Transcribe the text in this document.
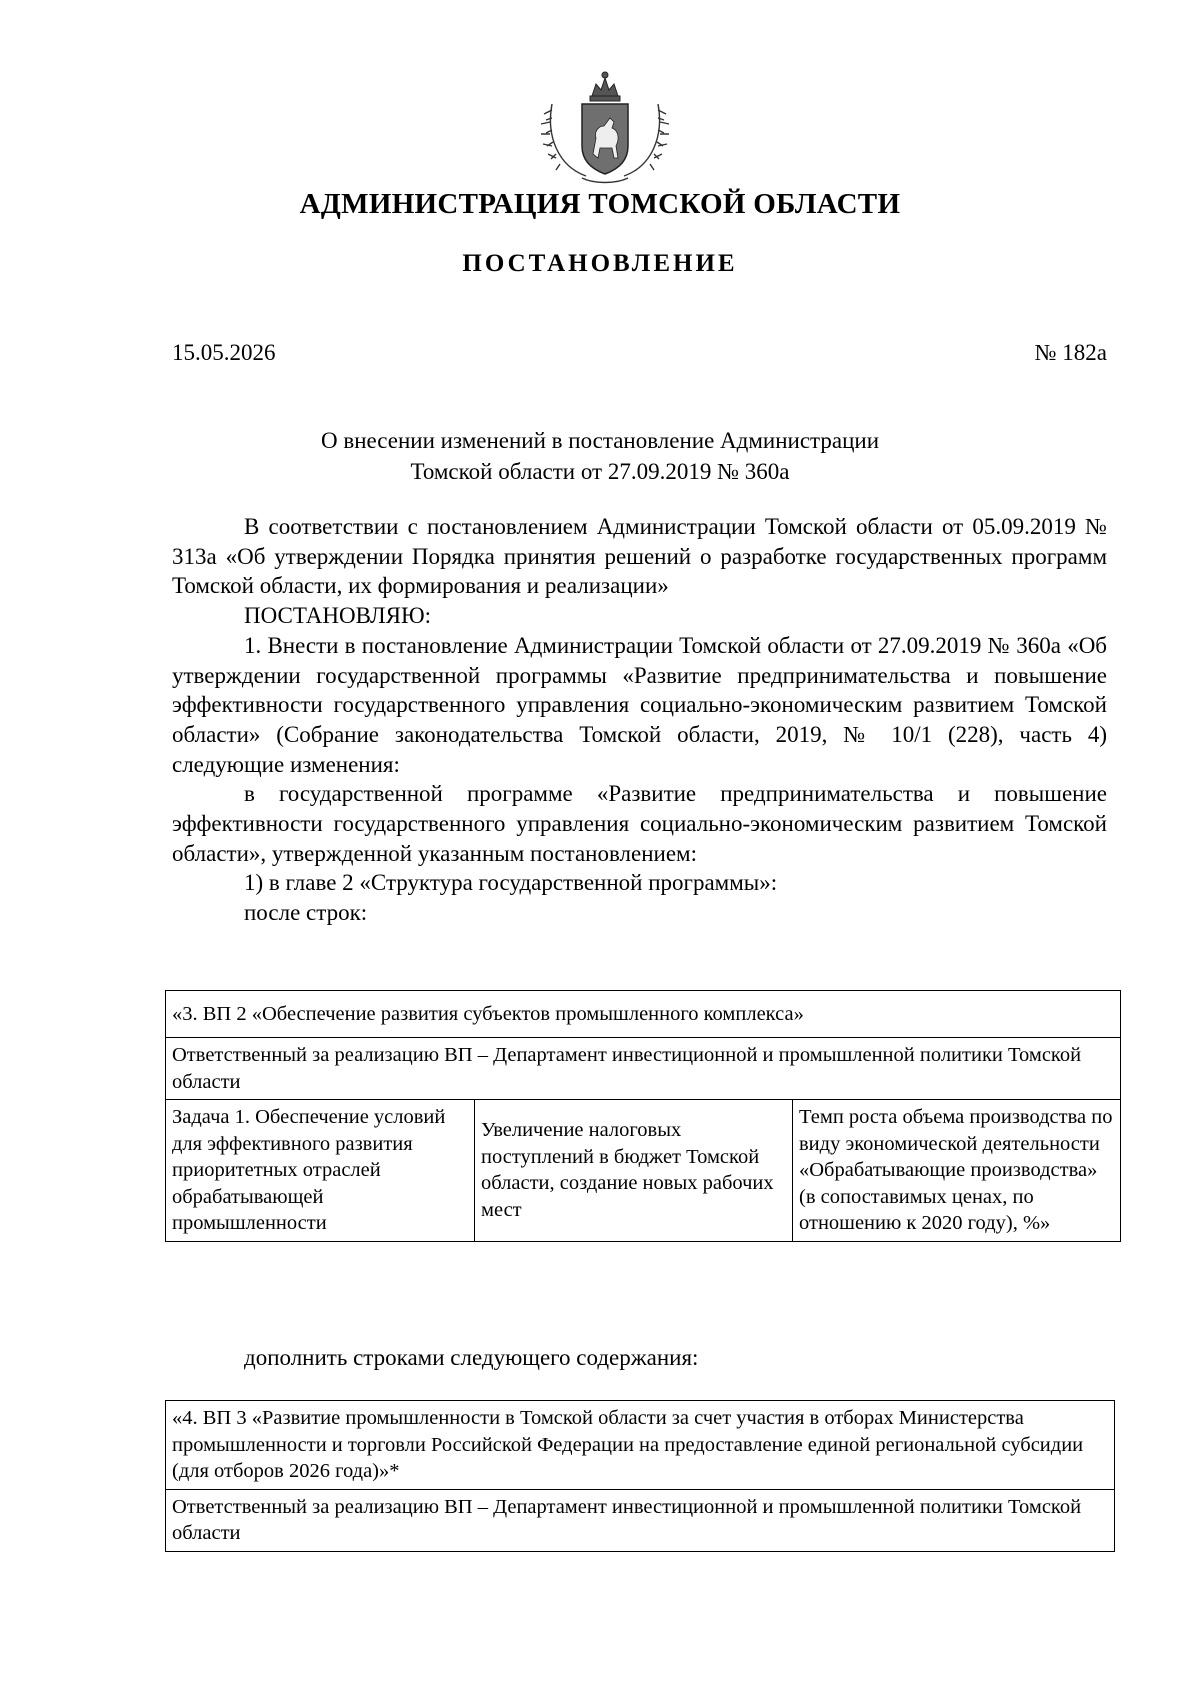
АДМИНИСТРАЦИЯ ТОМСКОЙ ОБЛАСТИ
ПОСТАНОВЛЕНИЕ
15.05.2026	№ 182а
О внесении изменений в постановление Администрации
Томской области от 27.09.2019 № 360а

В соответствии с постановлением Администрации Томской области от 05.09.2019 № 313а «Об утверждении Порядка принятия решений о разработке государственных программ Томской области, их формирования и реализации»

ПОСТАНОВЛЯЮ:

1. Внести в постановление Администрации Томской области от 27.09.2019 № 360а «Об утверждении государственной программы «Развитие предпринимательства и повышение эффективности государственного управления социально-экономическим развитием Томской области» (Собрание законодательства Томской области, 2019, № 10/1 (228), часть 4) следующие изменения:

в государственной программе «Развитие предпринимательства и повышение эффективности государственного управления социально-экономическим развитием Томской области», утвержденной указанным постановлением:

1) в главе 2 «Структура государственной программы»:

после строк:

«3. ВП 2 «Обеспечение развития субъектов промышленного комплекса»
Ответственный за реализацию ВП – Департамент инвестиционной и промышленной политики Томской области
Задача 1. Обеспечение условий для эффективного развития приоритетных отраслей обрабатывающей промышленности	Увеличение налоговых поступлений в бюджет Томской области, создание новых рабочих мест	Темп роста объема производства по виду экономической деятельности «Обрабатывающие производства» (в сопоставимых ценах, по отношению к 2020 году), %»
дополнить строками следующего содержания:
«4. ВП 3 «Развитие промышленности в Томской области за счет участия в отборах Министерства промышленности и торговли Российской Федерации на предоставление единой региональной субсидии (для отборов 2026 года)»*
Ответственный за реализацию ВП – Департамент инвестиционной и промышленной политики Томской области
